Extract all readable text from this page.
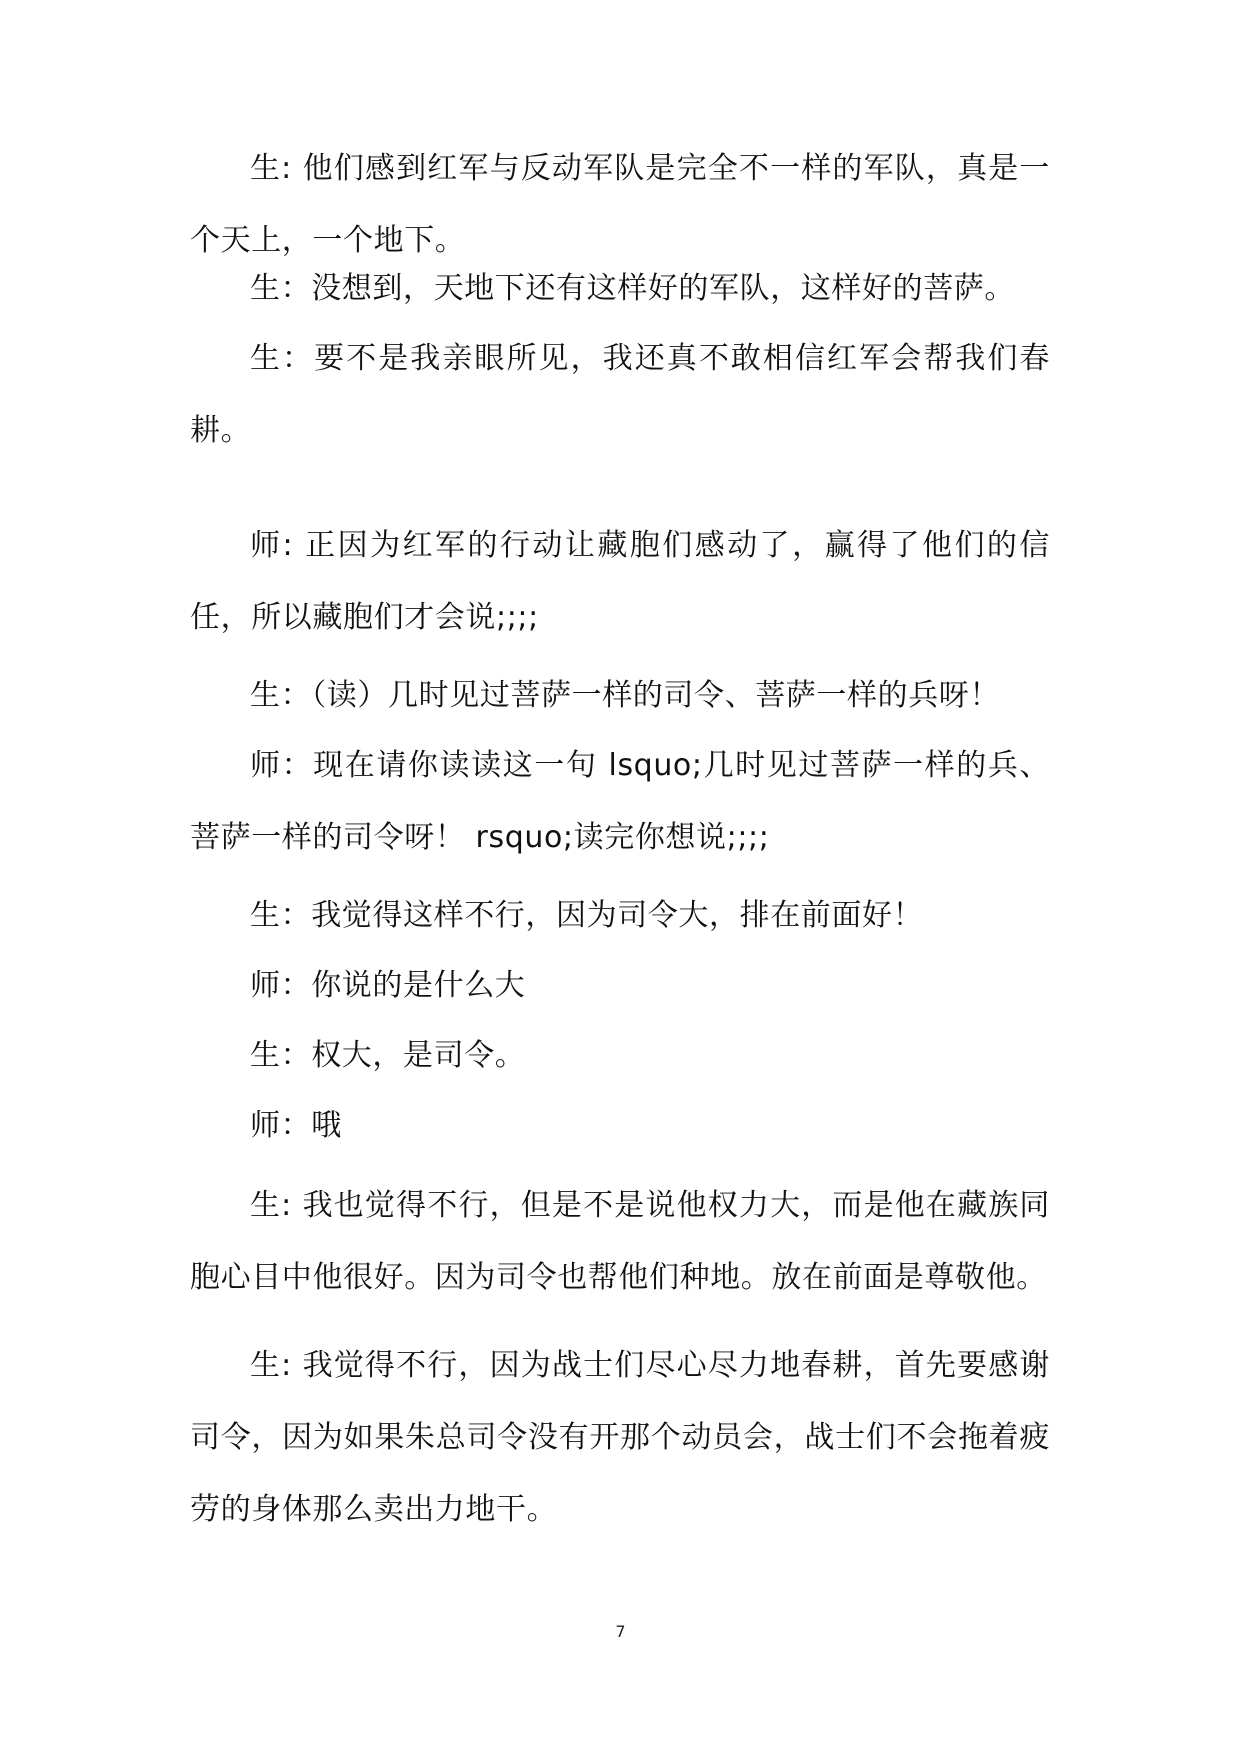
生: 他们感到红军与反动军队是完全不一样的军队，真是一个天上，一个地下。

生：没想到，天地下还有这样好的军队，这样好的菩萨。

生：要不是我亲眼所见，我还真不敢相信红军会帮我们春耕。

师: 正因为红军的行动让藏胞们感动了，赢得了他们的信任，所以藏胞们才会说;;;;

生：（读）几时见过菩萨一样的司令、菩萨一样的兵呀！

师：现在请你读读这一句 lsquo;几时见过菩萨一样的兵、菩萨一样的司令呀！ rsquo;读完你想说;;;;

生：我觉得这样不行，因为司令大，排在前面好！

师：你说的是什么大

生：权大，是司令。

师：哦

生: 我也觉得不行，但是不是说他权力大，而是他在藏族同胞心目中他很好。因为司令也帮他们种地。放在前面是尊敬他。

生: 我觉得不行，因为战士们尽心尽力地春耕，首先要感谢司令，因为如果朱总司令没有开那个动员会，战士们不会拖着疲劳的身体那么卖出力地干。

7
